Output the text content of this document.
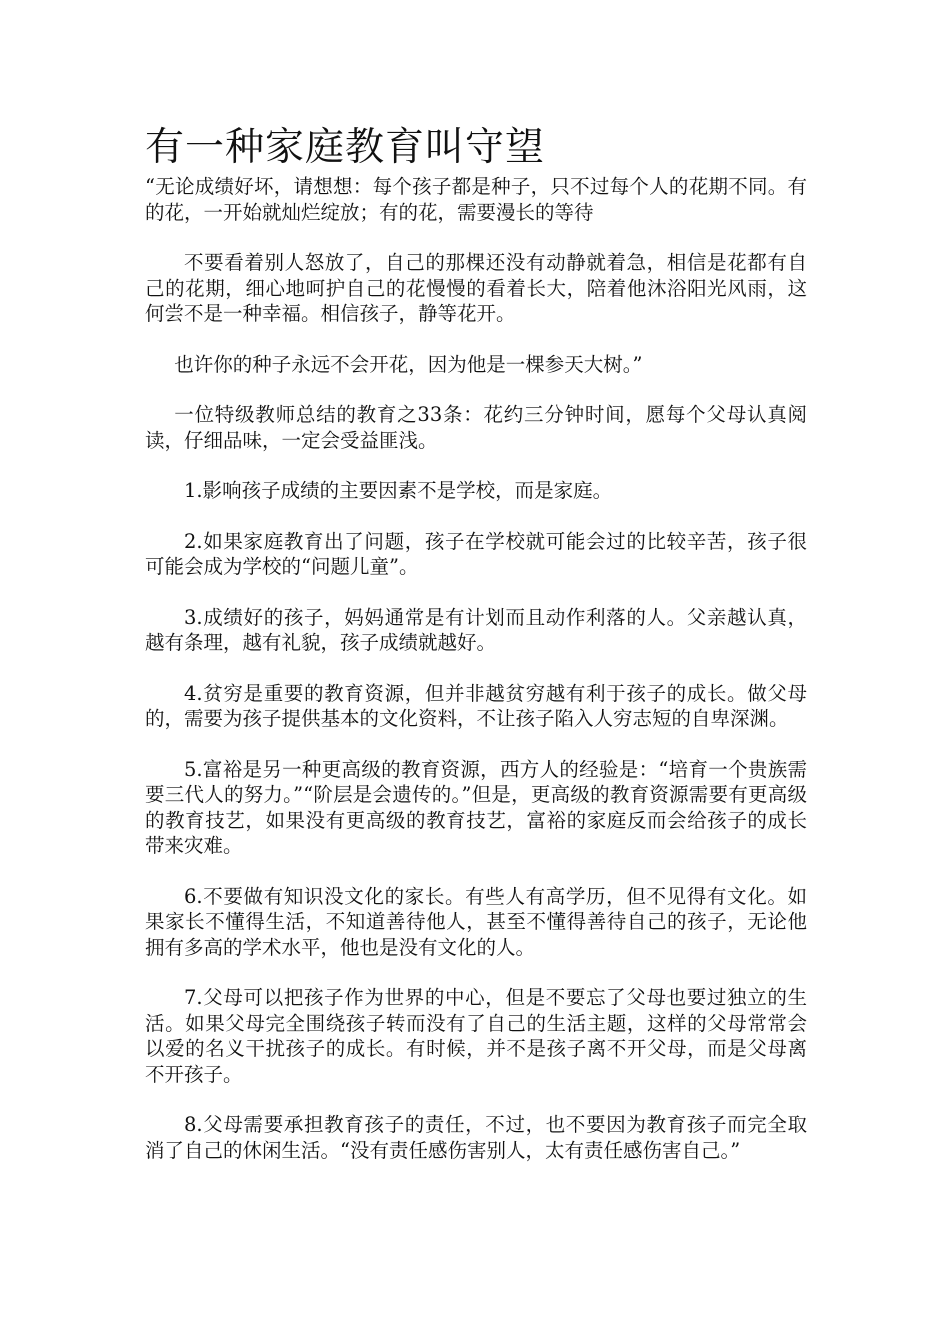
有一种家庭教育叫守望

“无论成绩好坏，请想想：每个孩子都是种子，只不过每个人的花期不同。有的花，一开始就灿烂绽放；有的花，需要漫长的等待

不要看着别人怒放了，自己的那棵还没有动静就着急，相信是花都有自己的花期，细心地呵护自己的花慢慢的看着长大，陪着他沐浴阳光风雨，这何尝不是一种幸福。相信孩子，静等花开。

也许你的种子永远不会开花，因为他是一棵参天大树。”

一位特级教师总结的教育之33条：花约三分钟时间，愿每个父母认真阅读，仔细品味，一定会受益匪浅。

1.影响孩子成绩的主要因素不是学校，而是家庭。

2.如果家庭教育出了问题，孩子在学校就可能会过的比较辛苦，孩子很可能会成为学校的“问题儿童”。

3.成绩好的孩子，妈妈通常是有计划而且动作利落的人。父亲越认真，越有条理，越有礼貌，孩子成绩就越好。

4.贫穷是重要的教育资源，但并非越贫穷越有利于孩子的成长。做父母的，需要为孩子提供基本的文化资料，不让孩子陷入人穷志短的自卑深渊。

5.富裕是另一种更高级的教育资源，西方人的经验是：“培育一个贵族需要三代人的努力。”“阶层是会遗传的。”但是，更高级的教育资源需要有更高级的教育技艺，如果没有更高级的教育技艺，富裕的家庭反而会给孩子的成长带来灾难。

6.不要做有知识没文化的家长。有些人有高学历，但不见得有文化。如果家长不懂得生活，不知道善待他人，甚至不懂得善待自己的孩子，无论他拥有多高的学术水平，他也是没有文化的人。

7.父母可以把孩子作为世界的中心，但是不要忘了父母也要过独立的生活。如果父母完全围绕孩子转而没有了自己的生活主题，这样的父母常常会以爱的名义干扰孩子的成长。有时候，并不是孩子离不开父母，而是父母离不开孩子。

8.父母需要承担教育孩子的责任，不过，也不要因为教育孩子而完全取消了自己的休闲生活。“没有责任感伤害别人，太有责任感伤害自己。”
